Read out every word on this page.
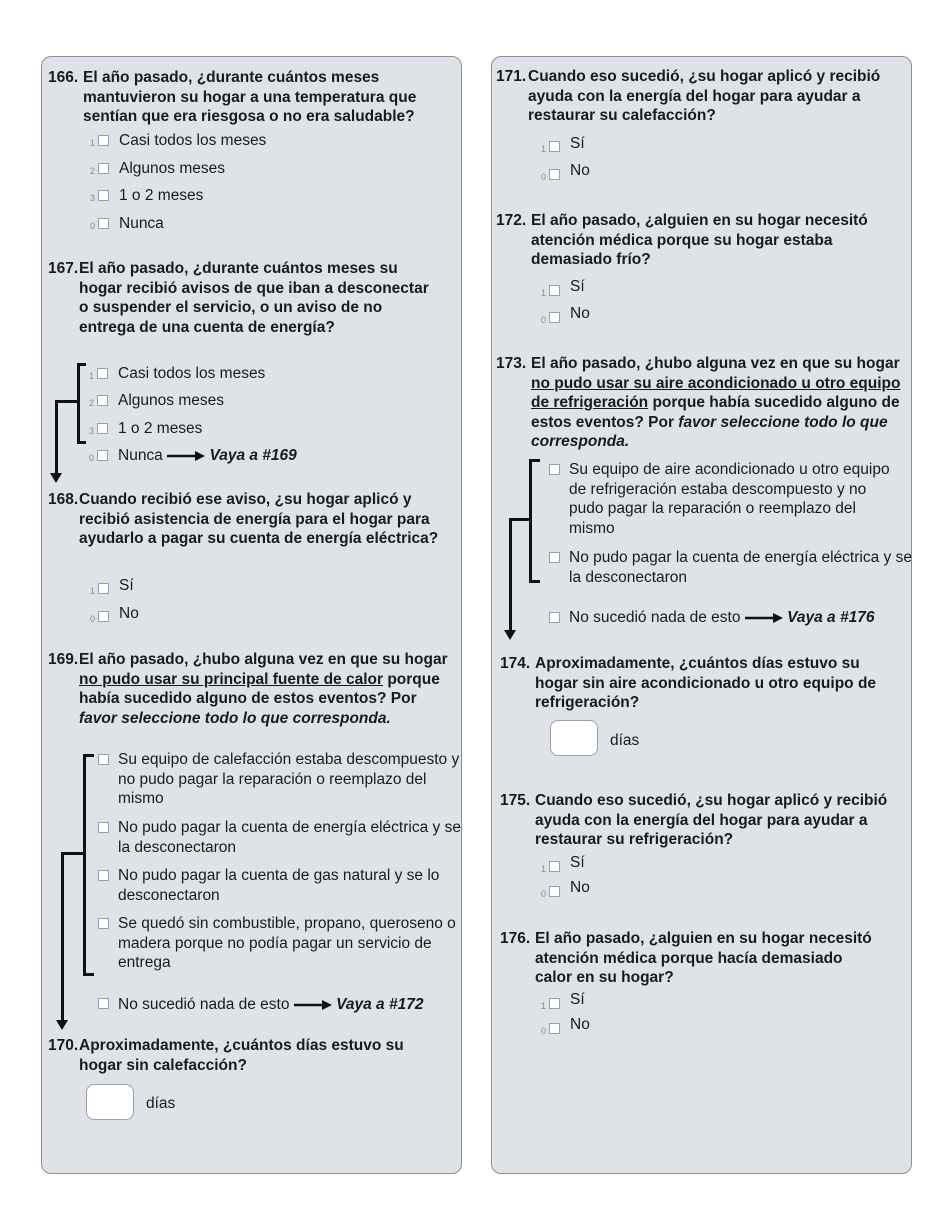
166. El año pasado, ¿durante cuántos meses mantuvieron su hogar a una temperatura que sentían que era riesgosa o no era saludable?
1 Casi todos los meses
2 Algunos meses
3 1 o 2 meses
0 Nunca
167. El año pasado, ¿durante cuántos meses su hogar recibió avisos de que iban a desconectar o suspender el servicio, o un aviso de no entrega de una cuenta de energía?
1 Casi todos los meses
2 Algunos meses
3 1 o 2 meses
0 Nunca	Vaya a #169
168. Cuando recibió ese aviso, ¿su hogar aplicó y recibió asistencia de energía para el hogar para ayudarlo a pagar su cuenta de energía eléctrica?
1 Sí
0 No
169. El año pasado, ¿hubo alguna vez en que su hogar no pudo usar su principal fuente de calor porque había sucedido alguno de estos eventos? Por favor seleccione todo lo que corresponda.
Su equipo de calefacción estaba descompuesto y no pudo pagar la reparación o reemplazo del mismo
No pudo pagar la cuenta de energía eléctrica y se la desconectaron
No pudo pagar la cuenta de gas natural y se lo desconectaron
Se quedó sin combustible, propano, queroseno o madera porque no podía pagar un servicio de entrega
No sucedió nada de esto	Vaya a #172
170. Aproximadamente, ¿cuántos días estuvo su hogar sin calefacción?
días
171. Cuando eso sucedió, ¿su hogar aplicó y recibió ayuda con la energía del hogar para ayudar a restaurar su calefacción?
1 Sí
0 No
172. El año pasado, ¿alguien en su hogar necesitó atención médica porque su hogar estaba demasiado frío?
1 Sí
0 No
173. El año pasado, ¿hubo alguna vez en que su hogar no pudo usar su aire acondicionado u otro equipo de refrigeración porque había sucedido alguno de estos eventos? Por favor seleccione todo lo que corresponda.
Su equipo de aire acondicionado u otro equipo de refrigeración estaba descompuesto y no pudo pagar la reparación o reemplazo del mismo
No pudo pagar la cuenta de energía eléctrica y se la desconectaron
No sucedió nada de esto	Vaya a #176
174. Aproximadamente, ¿cuántos días estuvo su hogar sin aire acondicionado u otro equipo de refrigeración?
días
175. Cuando eso sucedió, ¿su hogar aplicó y recibió ayuda con la energía del hogar para ayudar a restaurar su refrigeración?
1 Sí
0 No
176. El año pasado, ¿alguien en su hogar necesitó atención médica porque hacía demasiado calor en su hogar?
1 Sí
0 No
